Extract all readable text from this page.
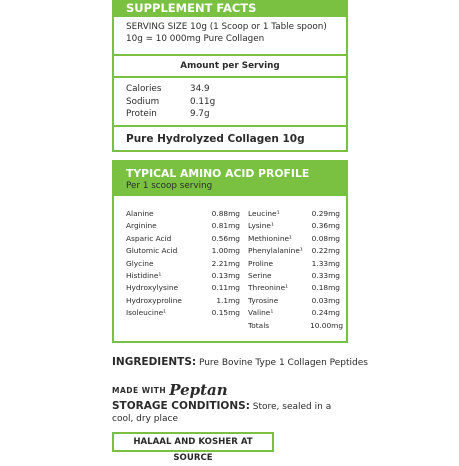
SUPPLEMENT FACTS
SERVING SIZE 10g (1 Scoop or 1 Table spoon)
10g = 10 000mg Pure Collagen
Amount per Serving
Calories	34.9
Sodium	0.11g
Protein	9.7g
Pure Hydrolyzed Collagen 10g
TYPICAL AMINO ACID PROFILE
Per 1 scoop serving
Alanine	0.88mg
Arginine	0.81mg
Asparic Acid	0.56mg
Glutomic Acid	1.00mg
Glycine	2.21mg
Histidine¹	0.13mg
Hydroxylysine	0.11mg
Hydroxyproline	1.1mg
Isoleucine¹	0.15mg
Leucine¹	0.29mg
Lysine¹	0.36mg
Methionine¹	0.08mg
Phenylalanine¹	0.22mg
Proline	1.33mg
Serine	0.33mg
Threonine¹	0.18mg
Tyrosine	0.03mg
Valine¹	0.24mg
Totals	10.00mg
INGREDIENTS: Pure Bovine Type 1 Collagen Peptides
MADE WITH Peptan
STORAGE CONDITIONS: Store, sealed in a cool, dry place
HALAAL AND KOSHER AT SOURCE
